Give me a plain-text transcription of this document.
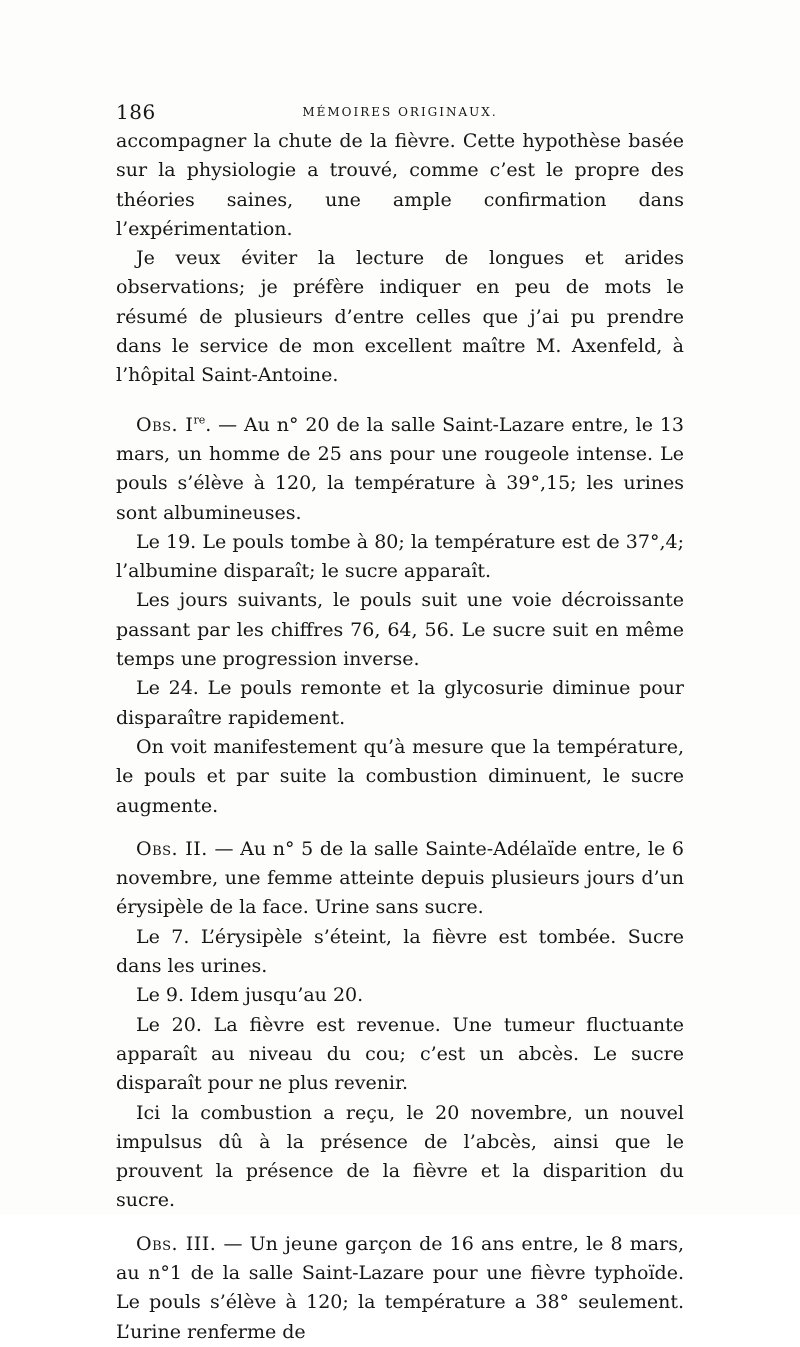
186	MÉMOIRES ORIGINAUX.

accompagner la chute de la fièvre. Cette hypothèse basée sur la physiologie a trouvé, comme c’est le propre des théories saines, une ample confirmation dans l’expérimentation.

Je veux éviter la lecture de longues et arides observations; je préfère indiquer en peu de mots le résumé de plusieurs d’entre celles que j’ai pu prendre dans le service de mon excellent maître M. Axenfeld, à l’hôpital Saint-Antoine.

Obs. Ire. — Au n° 20 de la salle Saint-Lazare entre, le 13 mars, un homme de 25 ans pour une rougeole intense. Le pouls s’élève à 120, la température à 39°,15; les urines sont albumineuses.

Le 19. Le pouls tombe à 80; la température est de 37°,4; l’albumine disparaît; le sucre apparaît.

Les jours suivants, le pouls suit une voie décroissante passant par les chiffres 76, 64, 56. Le sucre suit en même temps une progression inverse.

Le 24. Le pouls remonte et la glycosurie diminue pour disparaître rapidement.

On voit manifestement qu’à mesure que la température, le pouls et par suite la combustion diminuent, le sucre augmente.

Obs. II. — Au n° 5 de la salle Sainte-Adélaïde entre, le 6 novembre, une femme atteinte depuis plusieurs jours d’un érysipèle de la face. Urine sans sucre.

Le 7. L’érysipèle s’éteint, la fièvre est tombée. Sucre dans les urines.

Le 9. Idem jusqu’au 20.

Le 20. La fièvre est revenue. Une tumeur fluctuante apparaît au niveau du cou; c’est un abcès. Le sucre disparaît pour ne plus revenir.

Ici la combustion a reçu, le 20 novembre, un nouvel impulsus dû à la présence de l’abcès, ainsi que le prouvent la présence de la fièvre et la disparition du sucre.

Obs. III. — Un jeune garçon de 16 ans entre, le 8 mars, au n°1 de la salle Saint-Lazare pour une fièvre typhoïde. Le pouls s’élève à 120; la température a 38° seulement. L’urine renferme de
